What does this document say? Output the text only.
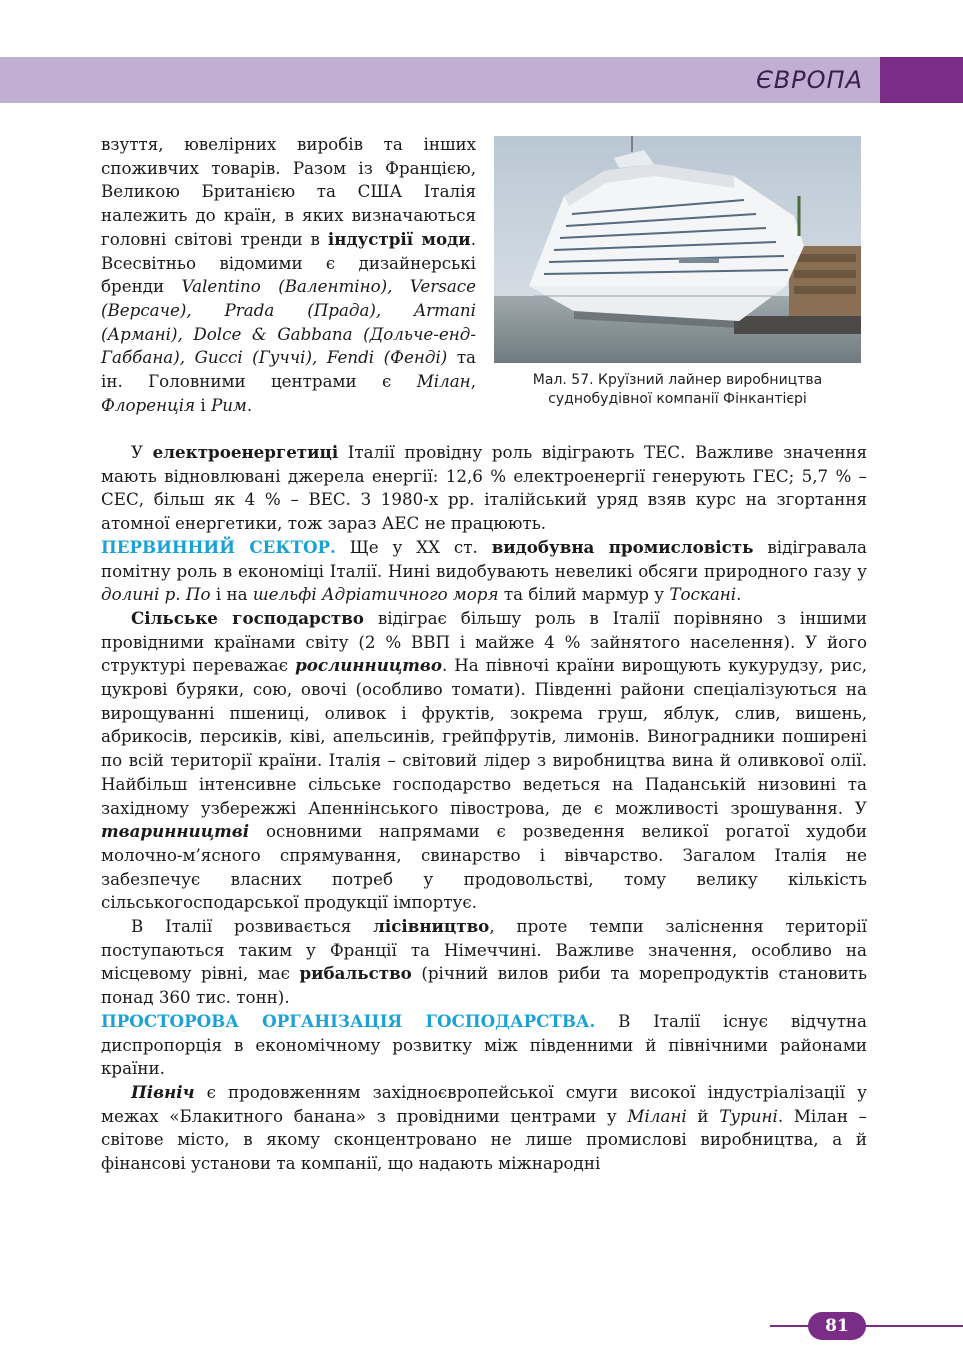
ЄВРОПА

взуття, ювелірних виробів та інших споживчих товарів. Разом із Францією, Великою Британією та США Італія належить до країн, в яких визначаються головні світові тренди в індустрії моди. Всесвітньо відомими є дизайнерські бренди Valentino (Валентіно), Versace (Версаче), Prada (Прада), Armani (Армані), Dolce & Gabbana (Дольче-енд-Габбана), Gucci (Гуччі), Fendi (Фенді) та ін. Головними центрами є Мілан, Флоренція і Рим.

Мал. 57. Круїзний лайнер виробництва
суднобудівної компанії Фінкантієрі

У електроенергетиці Італії провідну роль відіграють ТЕС. Важливе значення мають відновлювані джерела енергії: 12,6 % електроенергії генерують ГЕС; 5,7 % – СЕС, більш як 4 % – ВЕС. З 1980-х рр. італійський уряд взяв курс на згортання атомної енергетики, тож зараз АЕС не працюють.

ПЕРВИННИЙ СЕКТОР. Ще у XX ст. видобувна промисловість відігравала помітну роль в економіці Італії. Нині видобувають невеликі обсяги природного газу у долині р. По і на шельфі Адріатичного моря та білий мармур у Тоскані.

Сільське господарство відіграє більшу роль в Італії порівняно з іншими провідними країнами світу (2 % ВВП і майже 4 % зайнятого населення). У його структурі переважає рослинництво. На півночі країни вирощують кукурудзу, рис, цукрові буряки, сою, овочі (особливо томати). Південні райони спеціалізуються на вирощуванні пшениці, оливок і фруктів, зокрема груш, яблук, слив, вишень, абрикосів, персиків, ківі, апельсинів, грейпфрутів, лимонів. Виноградники поширені по всій території країни. Італія – світовий лідер з виробництва вина й оливкової олії. Найбільш інтенсивне сільське господарство ведеться на Паданській низовині та західному узбережжі Апеннінського півострова, де є можливості зрошування. У тваринництві основними напрямами є розведення великої рогатої худоби молочно-м’ясного спрямування, свинарство і вівчарство. Загалом Італія не забезпечує власних потреб у продовольстві, тому велику кількість сільськогосподарської продукції імпортує.

В Італії розвивається лісівництво, проте темпи заліснення території поступаються таким у Франції та Німеччині. Важливе значення, особливо на місцевому рівні, має рибальство (річний вилов риби та морепродуктів становить понад 360 тис. тонн).

ПРОСТОРОВА ОРГАНІЗАЦІЯ ГОСПОДАРСТВА. В Італії існує відчутна диспропорція в економічному розвитку між південними й північними районами країни.

Північ є продовженням західноєвропейської смуги високої індустріалізації у межах «Блакитного банана» з провідними центрами у Мілані й Турині. Мілан – світове місто, в якому сконцентровано не лише промислові виробництва, а й фінансові установи та компанії, що надають міжнародні

81
